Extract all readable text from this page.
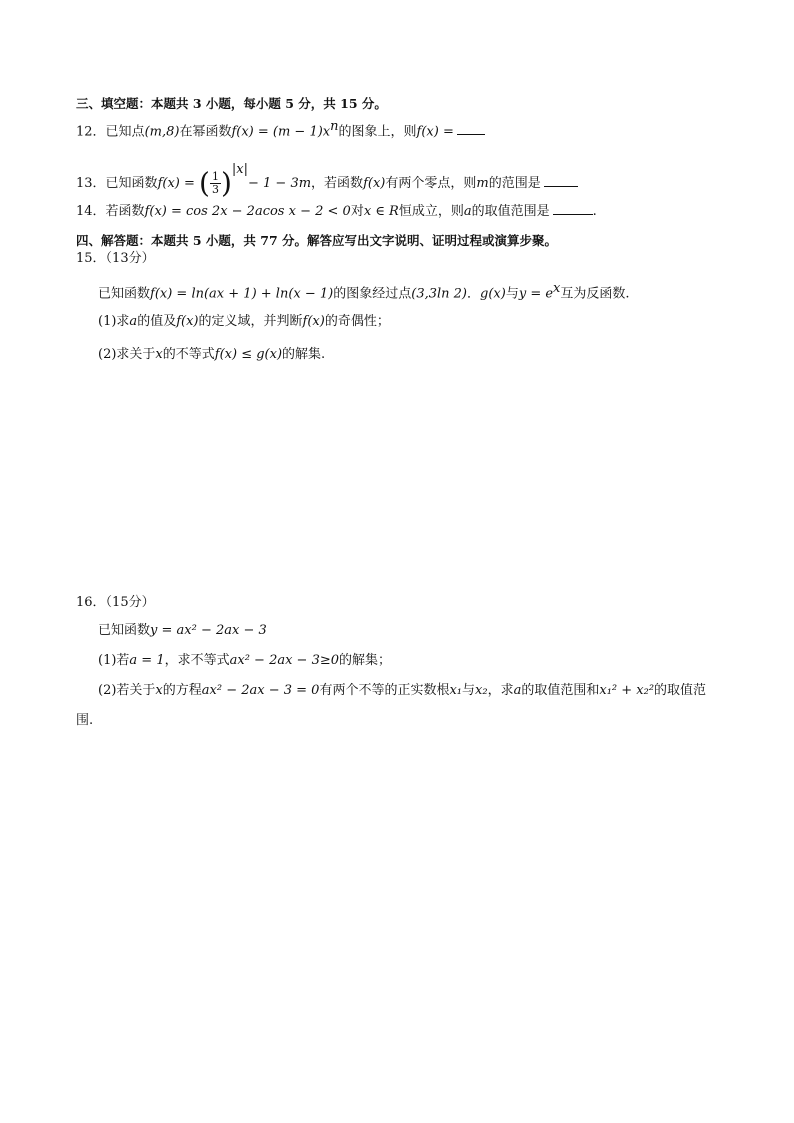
三、填空题：本题共 3 小题，每小题 5 分，共 15 分。
12．已知点(m,8)在幂函数$f(x) = (m - 1)x^n$的图象上，则f(x) =
13．已知函数f(x) = ( $\frac{1}{3} )^{|x|}- 1 - 3m$，若函数f(x)有两个零点，则m的范围是
14．若函数f(x) = cos 2x − 2acos x − 2 < 0对x ∈ R恒成立，则a的取值范围是	.
四、解答题：本题共 5 小题，共 77 分。解答应写出文字说明、证明过程或演算步聚。
15．（13分）
已知函数f(x) = ln(ax + 1) + ln(x − 1)的图象经过点(3,3ln 2)．g(x)与$y = e^x$互为反函数.
(1)求a的值及f(x)的定义域，并判断f(x)的奇偶性；
(2)求关于x的不等式f(x) ≤ g(x)的解集.
16．（15分）
已知函数y = ax² − 2ax − 3
(1)若a = 1，求不等式ax² − 2ax − 3≥0的解集；
(2)若关于x的方程ax² − 2ax − 3 = 0有两个不等的正实数根x₁与x₂，求a的取值范围和x₁² + x₂²的取值范
围.
